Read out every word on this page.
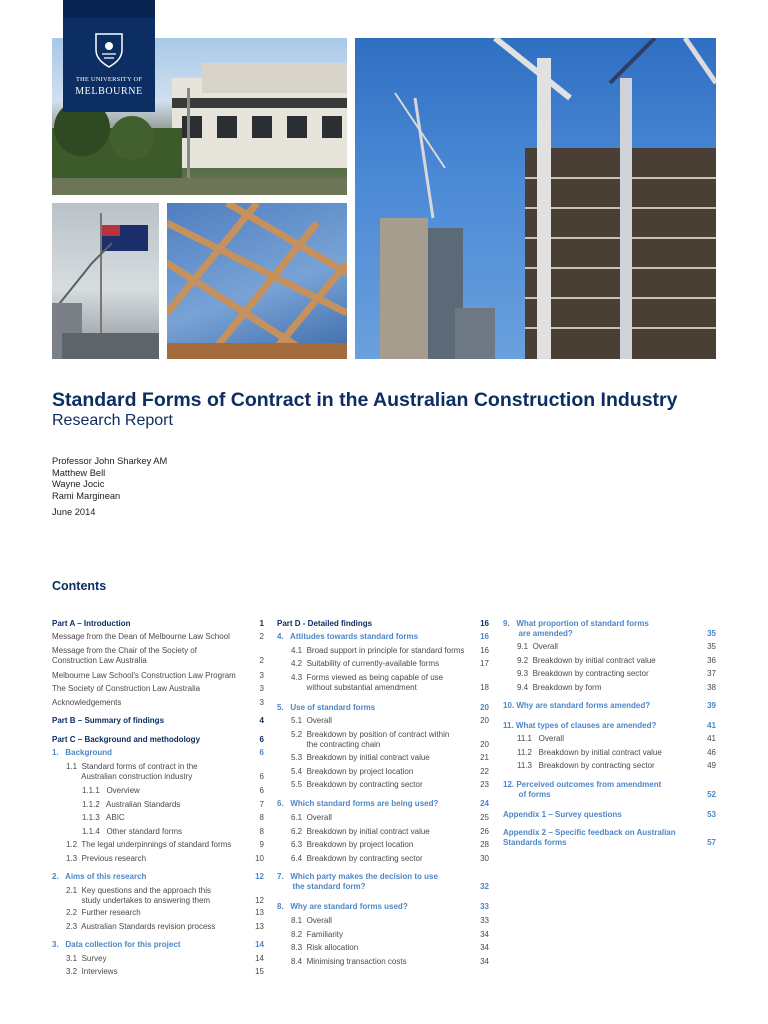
THE UNIVERSITY OF
MELBOURNE
Standard Forms of Contract in the Australian Construction Industry
Research Report
Professor John Sharkey AM
Matthew Bell
Wayne Jocic
Rami Marginean
June 2014
Contents
Part A – Introduction	1
Message from the Dean of Melbourne Law School	2
Message from the Chair of the Society of
Construction Law Australia	2
Melbourne Law School's Construction Law Program	3
The Society of Construction Law Australia	3
Acknowledgements	3
Part B – Summary of findings	4
Part C – Background and methodology	6
1.   Background	6
1.1  Standard forms of contract in the
Australian construction industry	6
1.1.1   Overview	6
1.1.2   Australian Standards	7
1.1.3   ABIC	8
1.1.4   Other standard forms	8
1.2  The legal underpinnings of standard forms	9
1.3  Previous research	10
2.   Aims of this research	12
2.1  Key questions and the approach this
study undertakes to answering them	12
2.2  Further research	13
2.3  Australian Standards revision process	13
3.   Data collection for this project	14
3.1  Survey	14
3.2  Interviews	15
Part D - Detailed findings	16
4.   Attitudes towards standard forms	16
4.1  Broad support in principle for standard forms 16
4.2  Suitability of currently-available forms	17
4.3  Forms viewed as being capable of use
without substantial amendment	18
5.   Use of standard forms	20
5.1  Overall	20
5.2  Breakdown by position of contract within
the contracting chain	20
5.3  Breakdown by initial contract value	21
5.4  Breakdown by project location	22
5.5  Breakdown by contracting sector	23
6.   Which standard forms are being used?	24
6.1  Overall	25
6.2  Breakdown by initial contract value	26
6.3  Breakdown by project location	28
6.4  Breakdown by contracting sector	30
7.   Which party makes the decision to use
the standard form?	32
8.   Why are standard forms used?	33
8.1  Overall	33
8.2  Familiarity	34
8.3  Risk allocation	34
8.4  Minimising transaction costs	34
9.   What proportion of standard forms
are amended?	35
9.1  Overall	35
9.2  Breakdown by initial contract value	36
9.3  Breakdown by contracting sector	37
9.4  Breakdown by form	38
10. Why are standard forms amended?	39
11. What types of clauses are amended?	41
11.1   Overall	41
11.2   Breakdown by initial contract value	46
11.3   Breakdown by contracting sector	49
12. Perceived outcomes from amendment
of forms	52
Appendix 1 – Survey questions	53
Appendix 2 – Specific feedback on Australian
Standards forms	57
